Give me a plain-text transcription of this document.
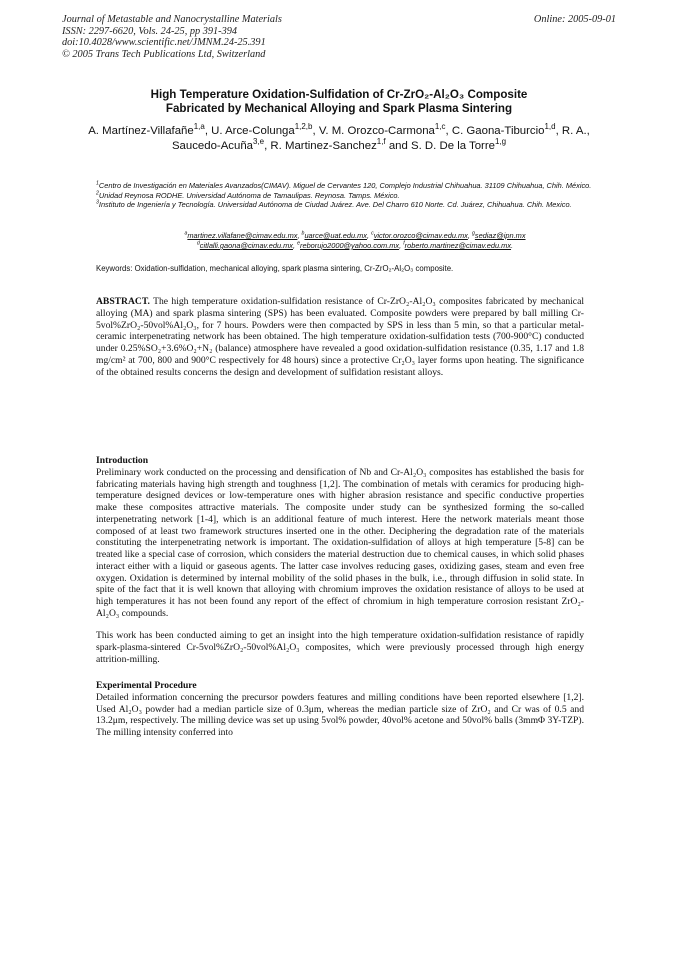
Journal of Metastable and Nanocrystalline Materials
ISSN: 2297-6620, Vols. 24-25, pp 391-394
doi:10.4028/www.scientific.net/JMNM.24-25.391
© 2005 Trans Tech Publications Ltd, Switzerland
Online: 2005-09-01
High Temperature Oxidation-Sulfidation of Cr-ZrO₂-Al₂O₃ Composite
Fabricated by Mechanical Alloying and Spark Plasma Sintering
A. Martínez-Villafañe$^{1,a}$, U. Arce-Colunga$^{1,2,b}$, V. M. Orozco-Carmona$^{1,c}$, C. Gaona-Tiburcio$^{1,d}$, R. A., Saucedo-Acuña$^{3,e}$, R. Martinez-Sanchez$^{1,f}$ and S. D. De la Torre$^{1,g}$
$^1$Centro de Investigación en Materiales Avanzados(CIMAV). Miguel de Cervantes 120, Complejo Industrial Chihuahua. 31109 Chihuahua, Chih. México.
$^2$Unidad Reynosa RODHE. Universidad Autónoma de Tamaulipas. Reynosa. Tamps. México.
$^3$Instituto de Ingeniería y Tecnología. Universidad Autónoma de Ciudad Juárez. Ave. Del Charro 610 Norte. Cd. Juárez, Chihuahua. Chih. Mexico.
$^a$martinez.villafane@cimav.edu.mx, $^b$uarce@uat.edu.mx, $^c$victor.orozco@cimav.edu.mx, $^g$sediaz@ipn.mx
$^d$citlalli.gaona@cimav.edu.mx, $^e$reborujo2000@yahoo.com.mx, $^f$roberto.martinez@cimav.edu.mx.
Keywords: Oxidation-sulfidation, mechanical alloying, spark plasma sintering, Cr-ZrO₂-Al₂O₃ composite.

ABSTRACT. The high temperature oxidation-sulfidation resistance of Cr-ZrO₂-Al₂O₃ composites fabricated by mechanical alloying (MA) and spark plasma sintering (SPS) has been evaluated. Composite powders were prepared by ball milling Cr-5vol%ZrO₂-50vol%Al₂O₃, for 7 hours. Powders were then compacted by SPS in less than 5 min, so that a particular metal-ceramic interpenetrating network has been obtained. The high temperature oxidation-sulfidation tests (700-900°C) conducted under 0.25%SO₂+3.6%O₂+N₂ (balance) atmosphere have revealed a good oxidation-sulfidation resistance (0.35, 1.17 and 1.8 mg/cm² at 700, 800 and 900°C respectively for 48 hours) since a protective Cr₂O₃ layer forms upon heating. The significance of the obtained results concerns the design and development of sulfidation resistant alloys.

Introduction

Preliminary work conducted on the processing and densification of Nb and Cr-Al₂O₃ composites has established the basis for fabricating materials having high strength and toughness [1,2]. The combination of metals with ceramics for producing high-temperature designed devices or low-temperature ones with higher abrasion resistance and specific conductive properties make these composites attractive materials. The composite under study can be synthesized forming the so-called interpenetrating network [1-4], which is an additional feature of much interest. Here the network materials meant those composed of at least two framework structures inserted one in the other. Deciphering the degradation rate of the materials constituting the interpenetrating network is important. The oxidation-sulfidation of alloys at high temperature [5-8] can be treated like a special case of corrosion, which considers the material destruction due to chemical causes, in which solid phases interact either with a liquid or gaseous agents. The latter case involves reducing gases, oxidizing gases, steam and even free oxygen. Oxidation is determined by internal mobility of the solid phases in the bulk, i.e., through diffusion in solid state. In spite of the fact that it is well known that alloying with chromium improves the oxidation resistance of alloys to be used at high temperatures it has not been found any report of the effect of chromium in high temperature corrosion resistant ZrO₂-Al₂O₃ compounds.

This work has been conducted aiming to get an insight into the high temperature oxidation-sulfidation resistance of rapidly spark-plasma-sintered Cr-5vol%ZrO₂-50vol%Al₂O₃ composites, which were previously processed through high energy attrition-milling.

Experimental Procedure

Detailed information concerning the precursor powders features and milling conditions have been reported elsewhere [1,2]. Used Al₂O₃ powder had a median particle size of 0.3μm, whereas the median particle size of ZrO₂ and Cr was of 0.5 and 13.2μm, respectively. The milling device was set up using 5vol% powder, 40vol% acetone and 50vol% balls (3mmΦ 3Y-TZP). The milling intensity conferred into
